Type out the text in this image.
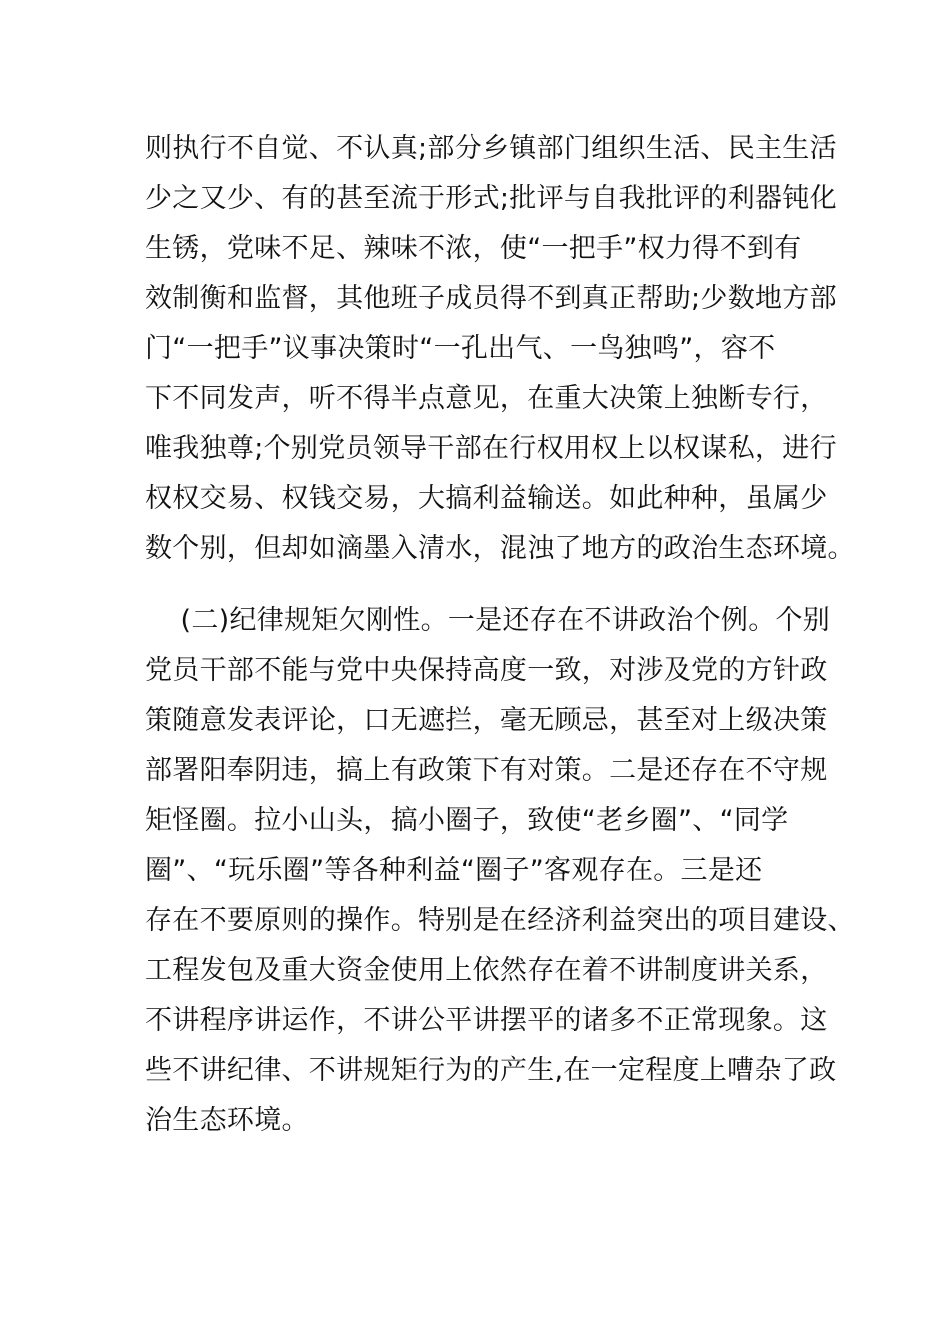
则执行不自觉、不认真;部分乡镇部门组织生活、民主生活
少之又少、有的甚至流于形式;批评与自我批评的利器钝化
生锈，党味不足、辣味不浓，使“一把手”权力得不到有
效制衡和监督，其他班子成员得不到真正帮助;少数地方部
门“一把手”议事决策时“一孔出气、一鸟独鸣”，容不
下不同发声，听不得半点意见，在重大决策上独断专行，
唯我独尊;个别党员领导干部在行权用权上以权谋私，进行
权权交易、权钱交易，大搞利益输送。如此种种，虽属少
数个别，但却如滴墨入清水，混浊了地方的政治生态环境。
(二)纪律规矩欠刚性。一是还存在不讲政治个例。个别
党员干部不能与党中央保持高度一致，对涉及党的方针政
策随意发表评论，口无遮拦，毫无顾忌，甚至对上级决策
部署阳奉阴违，搞上有政策下有对策。二是还存在不守规
矩怪圈。拉小山头，搞小圈子，致使“老乡圈”、“同学
圈”、“玩乐圈”等各种利益“圈子”客观存在。三是还
存在不要原则的操作。特别是在经济利益突出的项目建设、
工程发包及重大资金使用上依然存在着不讲制度讲关系，
不讲程序讲运作，不讲公平讲摆平的诸多不正常现象。这
些不讲纪律、不讲规矩行为的产生,在一定程度上嘈杂了政
治生态环境。
